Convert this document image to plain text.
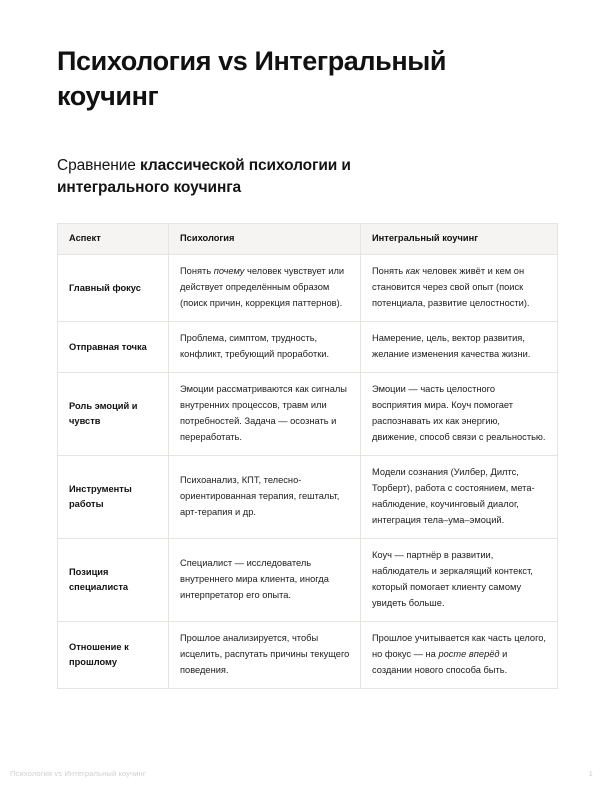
Психология vs Интегральный коучинг
Сравнение классической психологии и интегрального коучинга
Аспект	Психология	Интегральный коучинг
Главный фокус	Понять почему человек чувствует или действует определённым образом (поиск причин, коррекция паттернов).	Понять как человек живёт и кем он становится через свой опыт (поиск потенциала, развитие целостности).
Отправная точка	Проблема, симптом, трудность, конфликт, требующий проработки.	Намерение, цель, вектор развития, желание изменения качества жизни.
Роль эмоций и чувств	Эмоции рассматриваются как сигналы внутренних процессов, травм или потребностей. Задача — осознать и переработать.	Эмоции — часть целостного восприятия мира. Коуч помогает распознавать их как энергию, движение, способ связи с реальностью.
Инструменты работы	Психоанализ, КПТ, телесно-ориентированная терапия, гештальт, арт-терапия и др.	Модели сознания (Уилбер, Дилтс, Торберт), работа с состоянием, мета-наблюдение, коучинговый диалог, интеграция тела–ума–эмоций.
Позиция специалиста	Специалист — исследователь внутреннего мира клиента, иногда интерпретатор его опыта.	Коуч — партнёр в развитии, наблюдатель и зеркалящий контекст, который помогает клиенту самому увидеть больше.
Отношение к прошлому	Прошлое анализируется, чтобы исцелить, распутать причины текущего поведения.	Прошлое учитывается как часть целого, но фокус — на росте вперёд и создании нового способа быть.
Психология vs Интегральный коучинг	1
